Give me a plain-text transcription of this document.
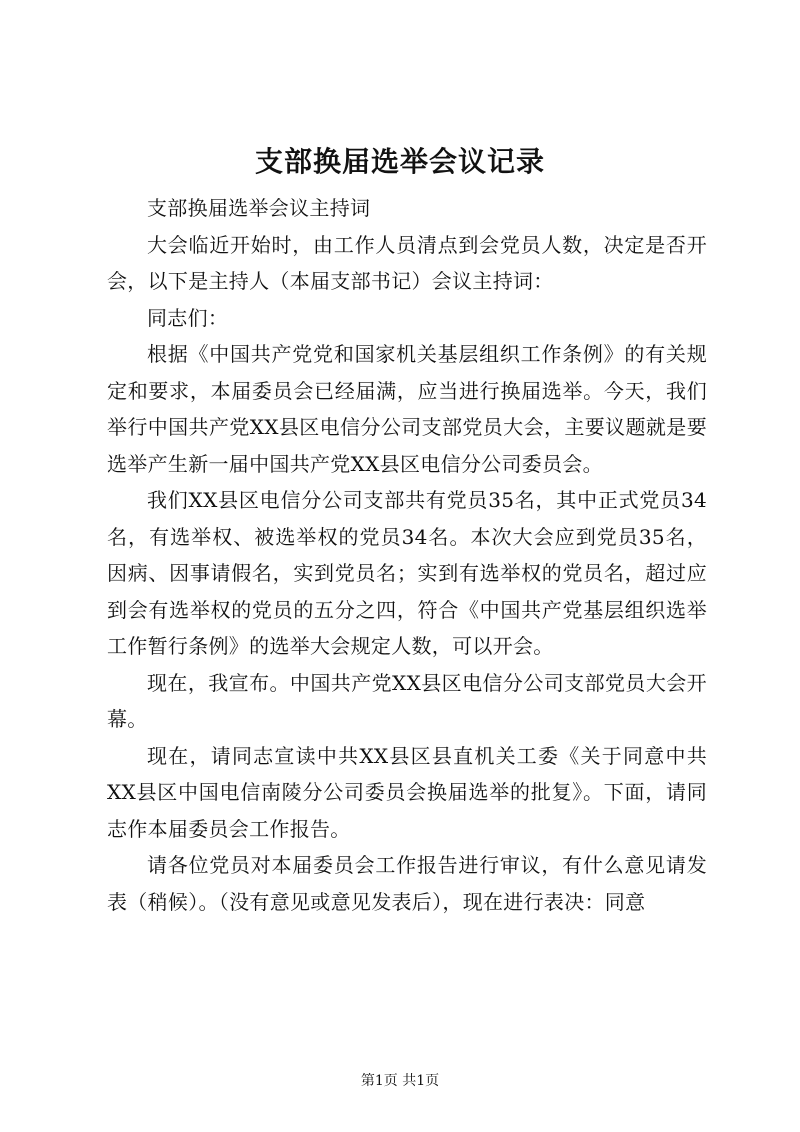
支部换届选举会议记录

支部换届选举会议主持词

大会临近开始时，由工作人员清点到会党员人数，决定是否开会，以下是主持人（本届支部书记）会议主持词：

同志们：

根据《中国共产党党和国家机关基层组织工作条例》的有关规定和要求，本届委员会已经届满，应当进行换届选举。今天，我们举行中国共产党XX县区电信分公司支部党员大会，主要议题就是要选举产生新一届中国共产党XX县区电信分公司委员会。

我们XX县区电信分公司支部共有党员35名，其中正式党员34名，有选举权、被选举权的党员34名。本次大会应到党员35名，因病、因事请假名，实到党员名；实到有选举权的党员名，超过应到会有选举权的党员的五分之四，符合《中国共产党基层组织选举工作暂行条例》的选举大会规定人数，可以开会。

现在，我宣布。中国共产党XX县区电信分公司支部党员大会开幕。

现在，请同志宣读中共XX县区县直机关工委《关于同意中共XX县区中国电信南陵分公司委员会换届选举的批复》。下面，请同志作本届委员会工作报告。

请各位党员对本届委员会工作报告进行审议，有什么意见请发表（稍候）。（没有意见或意见发表后），现在进行表决：同意

第1页 共1页
